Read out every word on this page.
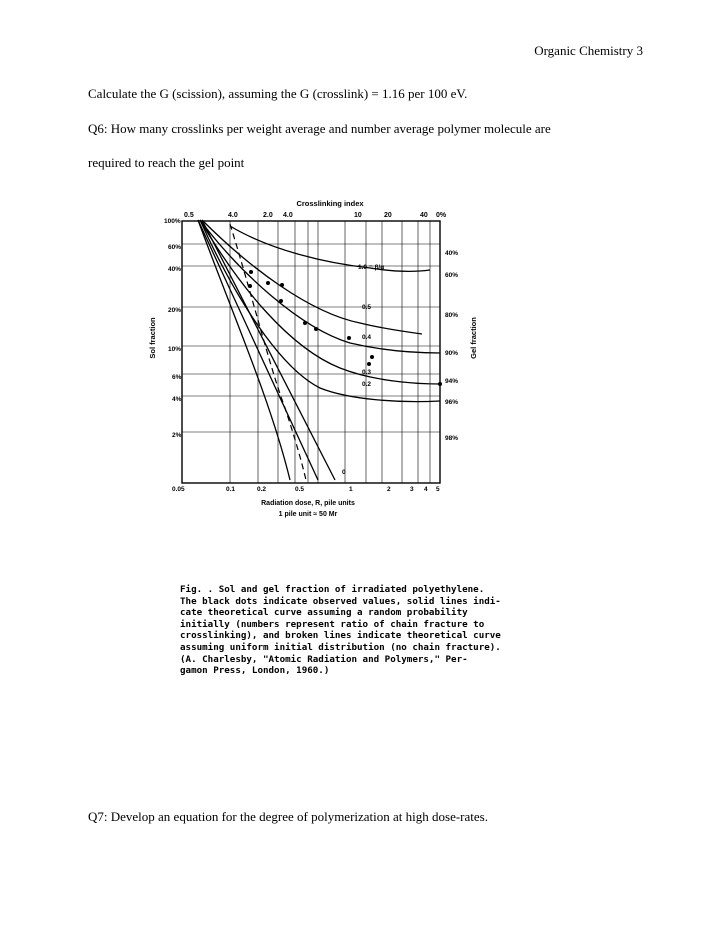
Organic Chemistry 3
Calculate the G (scission), assuming the G (crosslink) = 1.16 per 100 eV.
Q6: How many crosslinks per weight average and number average polymer molecule are
required to reach the gel point
Crosslinking index
Sol fraction	Gel fraction
Radiation dose, R, pile units
1 pile unit ≈ 50 Mr
0.5	4.0	2.0 4.0	10	20	40 0%
100%
60%
40%
20%
10%
6%
4%
2%
40%
60%
80%
90%
94%
96%
98%
0.05	0.1	0.2	0.5	1	2	3 4 5
1.0 = β/α
0.5
0.4
0.3
0.2
0
Fig. . Sol and gel fraction of irradiated polyethylene.
The black dots indicate observed values, solid lines indi-
cate theoretical curve assuming a random probability
initially (numbers represent ratio of chain fracture to
crosslinking), and broken lines indicate theoretical curve
assuming uniform initial distribution (no chain fracture).
(A. Charlesby, "Atomic Radiation and Polymers," Per-
gamon Press, London, 1960.)
Q7: Develop an equation for the degree of polymerization at high dose-rates.
